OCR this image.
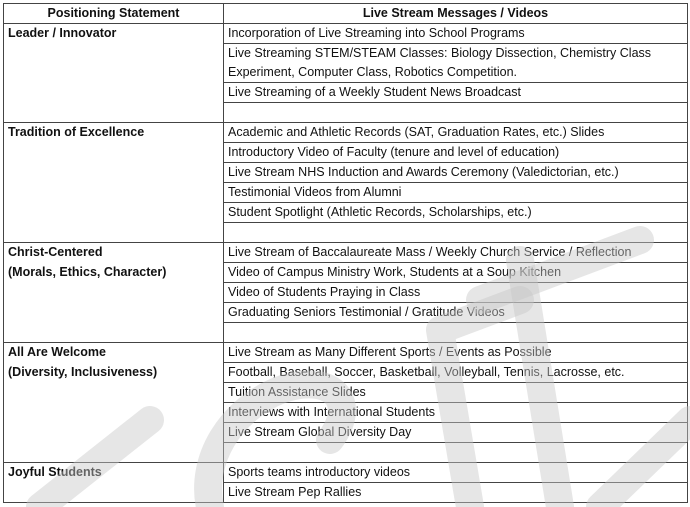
Positioning Statement	Live Stream Messages / Videos
Leader / Innovator	Incorporation of Live Streaming into School Programs
	Live Streaming STEM/STEAM Classes: Biology Dissection, Chemistry Class Experiment, Computer Class, Robotics Competition.
	Live Streaming of a Weekly Student News Broadcast

Tradition of Excellence	Academic and Athletic Records (SAT, Graduation Rates, etc.) Slides
	Introductory Video of Faculty (tenure and level of education)
	Live Stream NHS Induction and Awards Ceremony (Valedictorian, etc.)
	Testimonial Videos from Alumni
	Student Spotlight (Athletic Records, Scholarships, etc.)

Christ-Centered	Live Stream of Baccalaureate Mass / Weekly Church Service / Reflection
(Morals, Ethics, Character)	Video of Campus Ministry Work, Students at a Soup Kitchen
	Video of Students Praying in Class
	Graduating Seniors Testimonial / Gratitude Videos

All Are Welcome	Live Stream as Many Different Sports / Events as Possible
(Diversity, Inclusiveness)	Football, Baseball, Soccer, Basketball, Volleyball, Tennis, Lacrosse, etc.
	Tuition Assistance Slides
	Interviews with International Students
	Live Stream Global Diversity Day

Joyful Students	Sports teams introductory videos
	Live Stream Pep Rallies
